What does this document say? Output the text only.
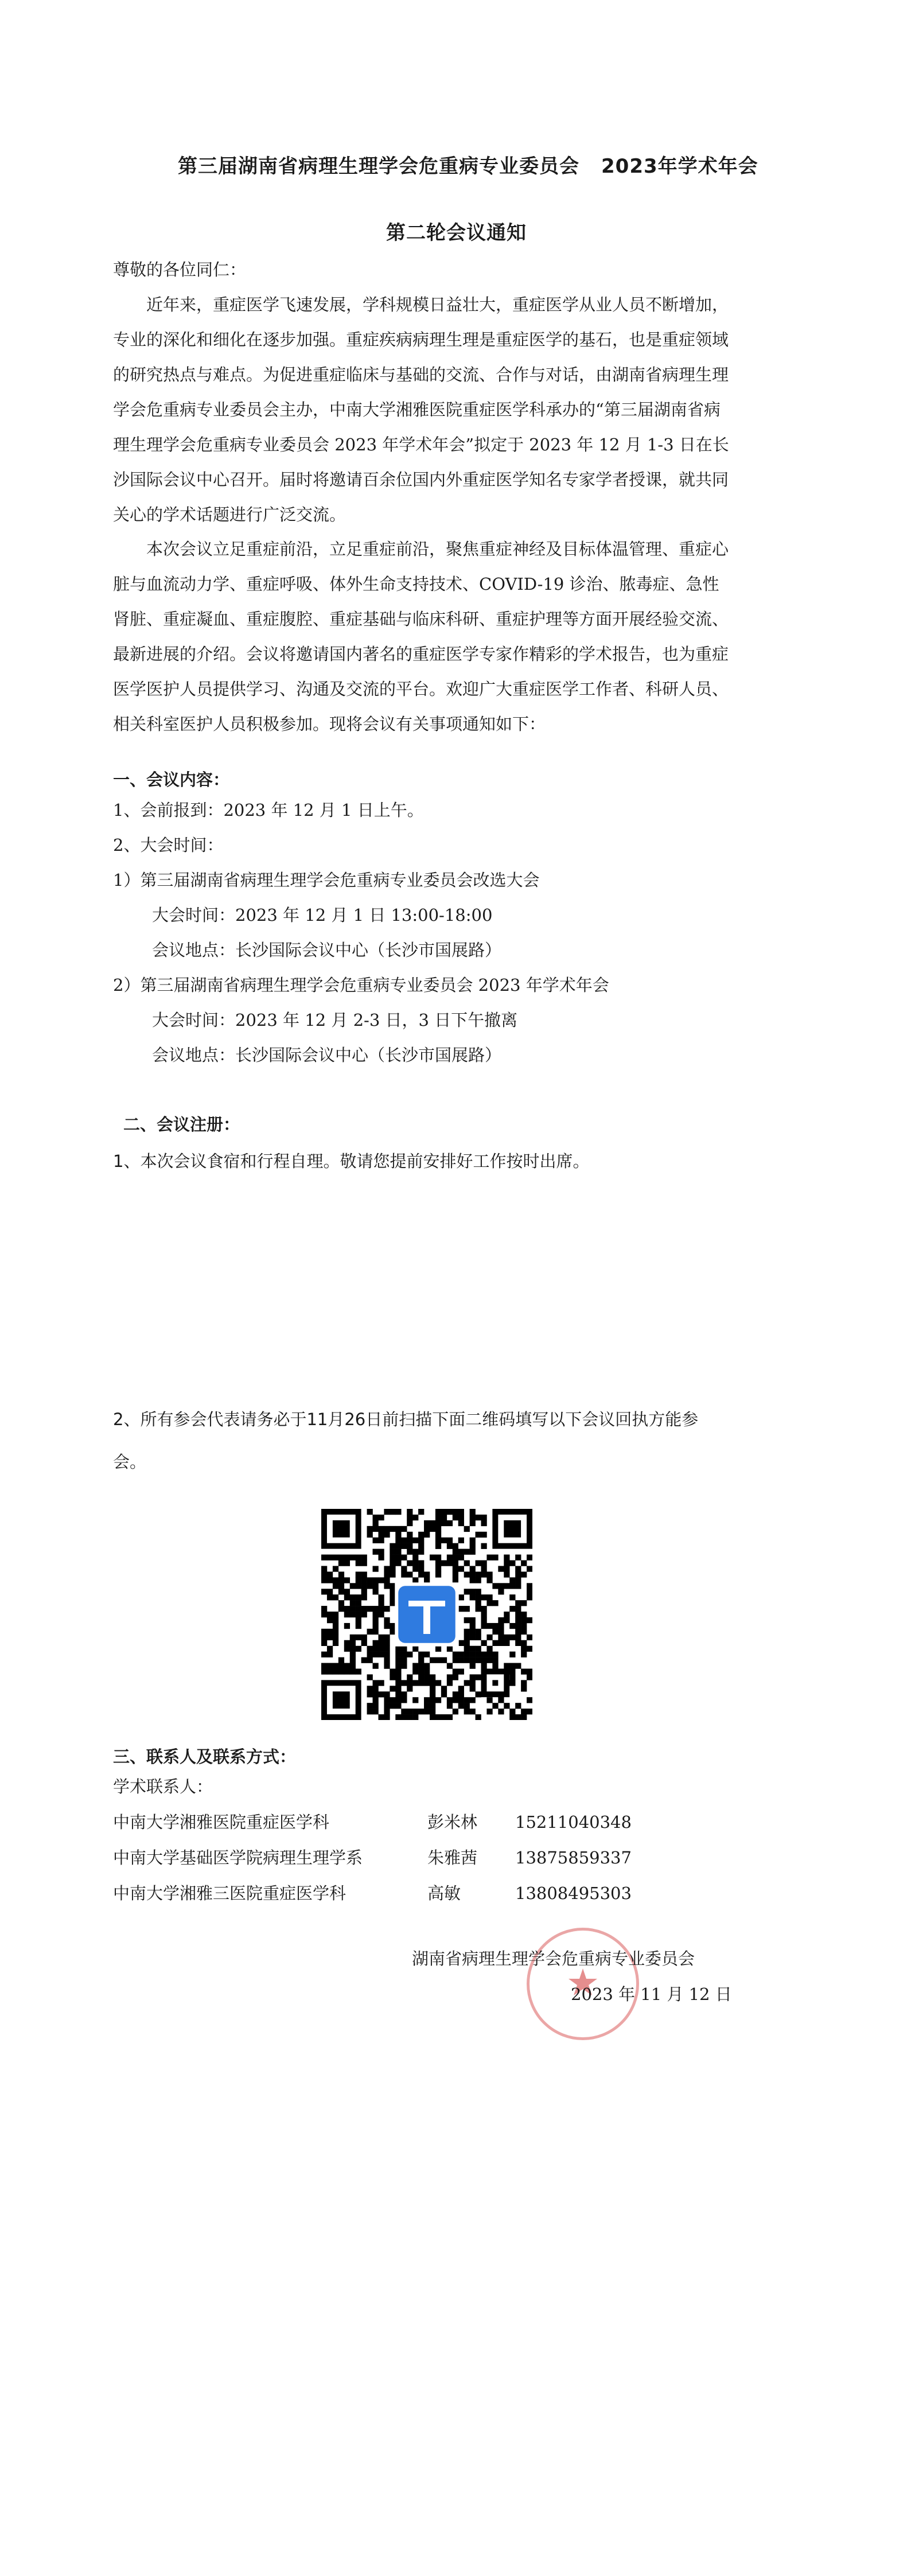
第三届湖南省病理生理学会危重病专业委员会 2023年学术年会
第二轮会议通知
尊敬的各位同仁：
近年来，重症医学飞速发展，学科规模日益壮大，重症医学从业人员不断增加，专业的深化和细化在逐步加强。重症疾病病理生理是重症医学的基石，也是重症领域的研究热点与难点。为促进重症临床与基础的交流、合作与对话，由湖南省病理生理学会危重病专业委员会主办，中南大学湘雅医院重症医学科承办的“第三届湖南省病理生理学会危重病专业委员会 2023 年学术年会”拟定于 2023 年 12 月 1-3 日在长沙国际会议中心召开。届时将邀请百余位国内外重症医学知名专家学者授课，就共同关心的学术话题进行广泛交流。
本次会议立足重症前沿，立足重症前沿，聚焦重症神经及目标体温管理、重症心脏与血流动力学、重症呼吸、体外生命支持技术、COVID-19 诊治、脓毒症、急性肾脏、重症凝血、重症腹腔、重症基础与临床科研、重症护理等方面开展经验交流、最新进展的介绍。会议将邀请国内著名的重症医学专家作精彩的学术报告，也为重症医学医护人员提供学习、沟通及交流的平台。欢迎广大重症医学工作者、科研人员、相关科室医护人员积极参加。现将会议有关事项通知如下：
一、会议内容：
1、会前报到：2023 年 12 月 1 日上午。
2、大会时间：
1）第三届湖南省病理生理学会危重病专业委员会改选大会
大会时间：2023 年 12 月 1 日 13:00-18:00
会议地点：长沙国际会议中心（长沙市国展路）
2）第三届湖南省病理生理学会危重病专业委员会 2023 年学术年会
大会时间：2023 年 12 月 2-3 日，3 日下午撤离
会议地点：长沙国际会议中心（长沙市国展路）
二、会议注册：
1、本次会议食宿和行程自理。敬请您提前安排好工作按时出席。
2、所有参会代表请务必于11月26日前扫描下面二维码填写以下会议回执方能参
会。
三、联系人及联系方式：
学术联系人：
中南大学湘雅医院重症医学科	彭米林 15211040348
中南大学基础医学院病理生理学系	朱雅茜 13875859337
中南大学湘雅三医院重症医学科	高敏	13808495303
湖南省病理生理学会危重病专业委员会
2023 年 11 月 12 日
